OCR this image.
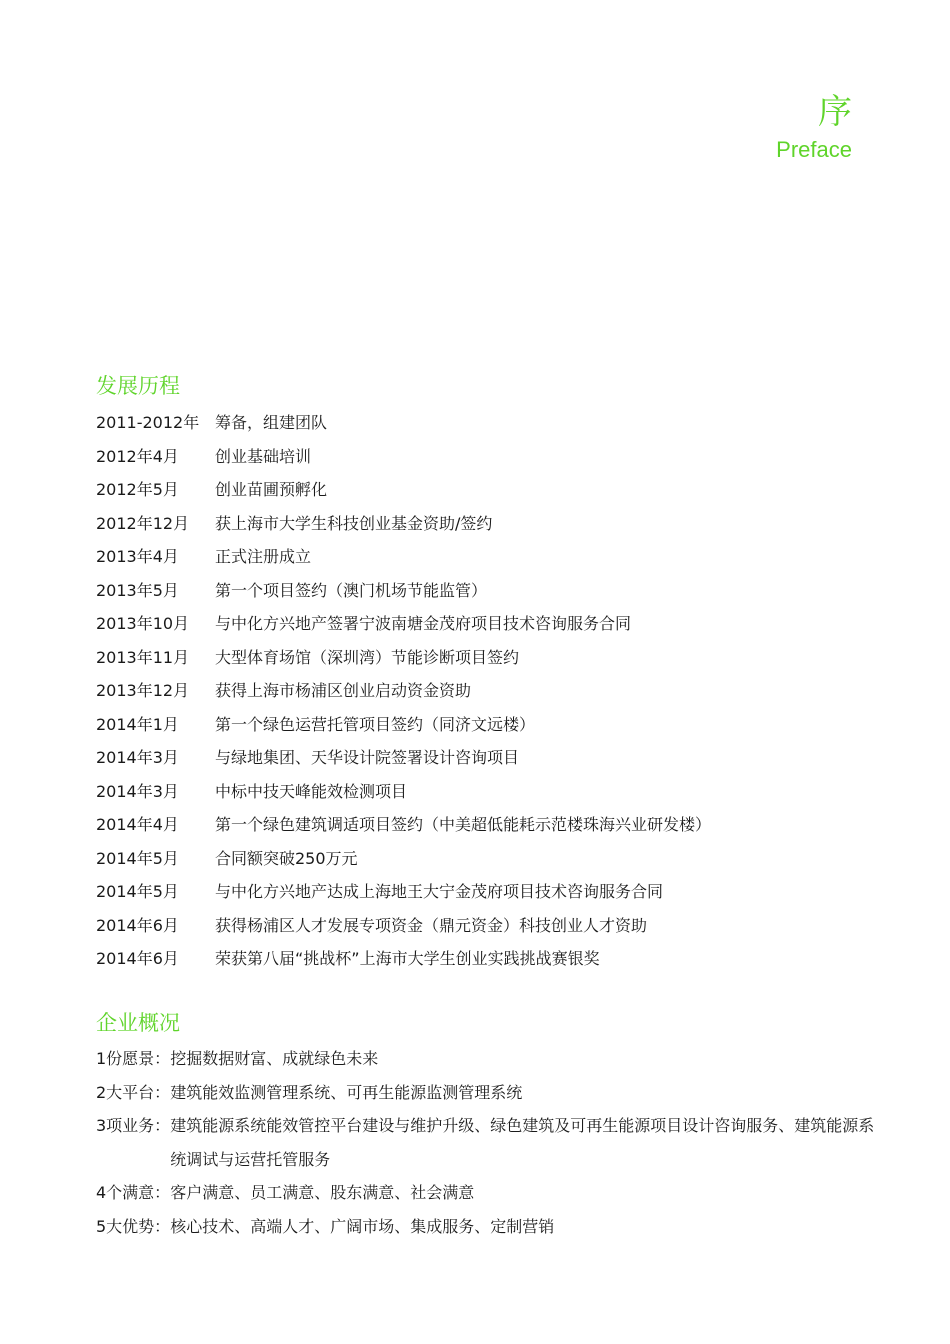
序
Preface
发展历程
2011-2012年 筹备，组建团队
2012年4月	创业基础培训
2012年5月	创业苗圃预孵化
2012年12月	获上海市大学生科技创业基金资助/签约
2013年4月	正式注册成立
2013年5月	第一个项目签约（澳门机场节能监管）
2013年10月	与中化方兴地产签署宁波南塘金茂府项目技术咨询服务合同
2013年11月	大型体育场馆（深圳湾）节能诊断项目签约
2013年12月	获得上海市杨浦区创业启动资金资助
2014年1月	第一个绿色运营托管项目签约（同济文远楼）
2014年3月	与绿地集团、天华设计院签署设计咨询项目
2014年3月	中标中技天峰能效检测项目
2014年4月	第一个绿色建筑调适项目签约（中美超低能耗示范楼珠海兴业研发楼）
2014年5月	合同额突破250万元
2014年5月	与中化方兴地产达成上海地王大宁金茂府项目技术咨询服务合同
2014年6月	获得杨浦区人才发展专项资金（鼎元资金）科技创业人才资助
2014年6月	荣获第八届“挑战杯”上海市大学生创业实践挑战赛银奖
企业概况
1份愿景： 挖掘数据财富、成就绿色未来
2大平台： 建筑能效监测管理系统、可再生能源监测管理系统
3项业务： 建筑能源系统能效管控平台建设与维护升级、绿色建筑及可再生能源项目设计咨询服务、建筑能源系统调试与运营托管服务
4个满意： 客户满意、员工满意、股东满意、社会满意
5大优势： 核心技术、高端人才、广阔市场、集成服务、定制营销
